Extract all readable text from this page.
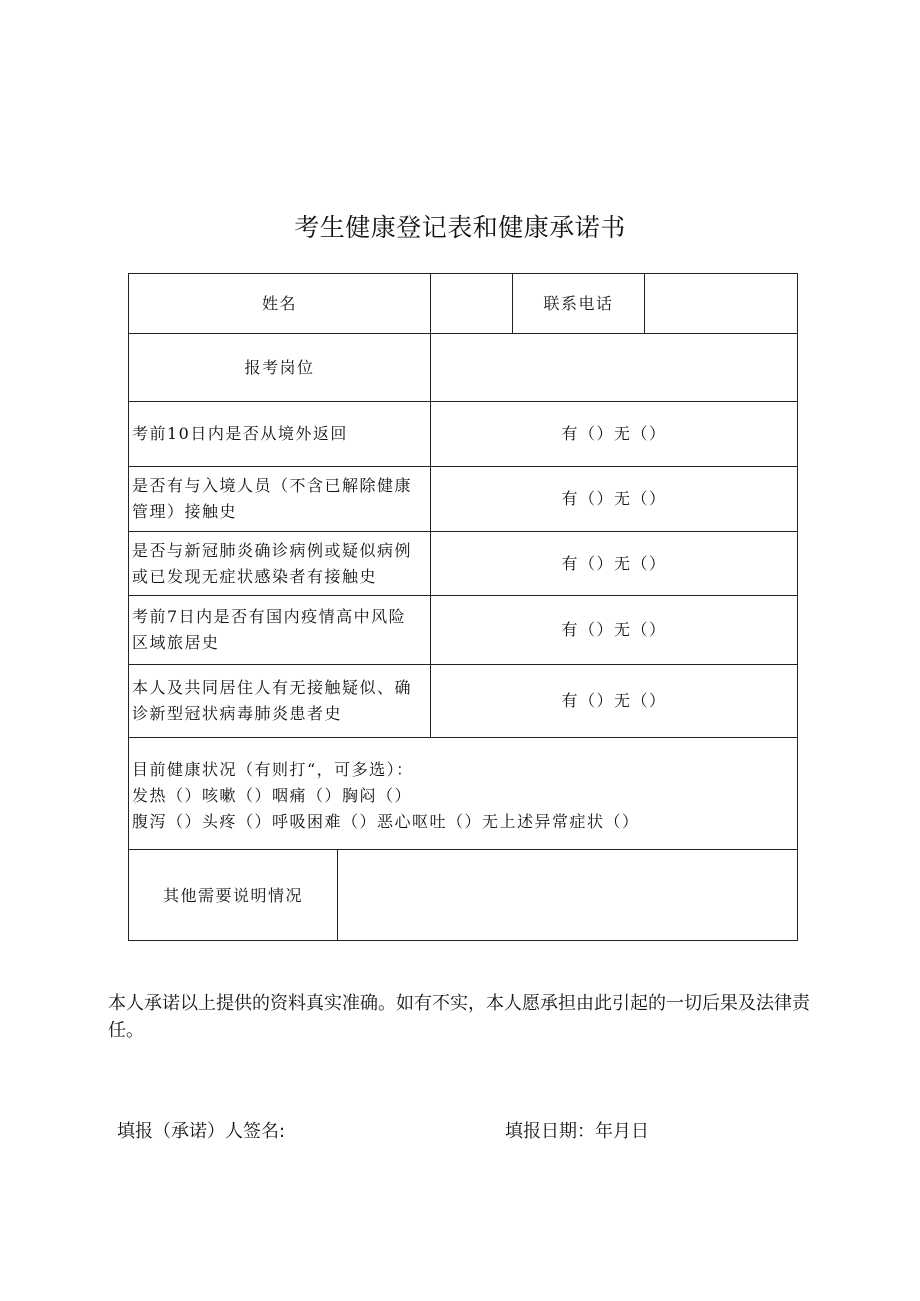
考生健康登记表和健康承诺书
姓名	联系电话
报考岗位
考前10日内是否从境外返回	有（）无（）
是否有与入境人员（不含已解除健康
管理）接触史
有（）无（）
是否与新冠肺炎确诊病例或疑似病例
或已发现无症状感染者有接触史
有（）无（）
考前7日内是否有国内疫情高中风险
区域旅居史
有（）无（）
本人及共同居住人有无接触疑似、确
诊新型冠状病毒肺炎患者史
有（）无（）
目前健康状况（有则打“，可多选）：
发热（）咳嗽（）咽痛（）胸闷（）
腹泻（）头疼（）呼吸困难（）恶心呕吐（）无上述异常症状（）
其他需要说明情况
本人承诺以上提供的资料真实准确。如有不实，本人愿承担由此引起的一切后果及法律责任。
填报（承诺）人签名:	填报日期：年月日
